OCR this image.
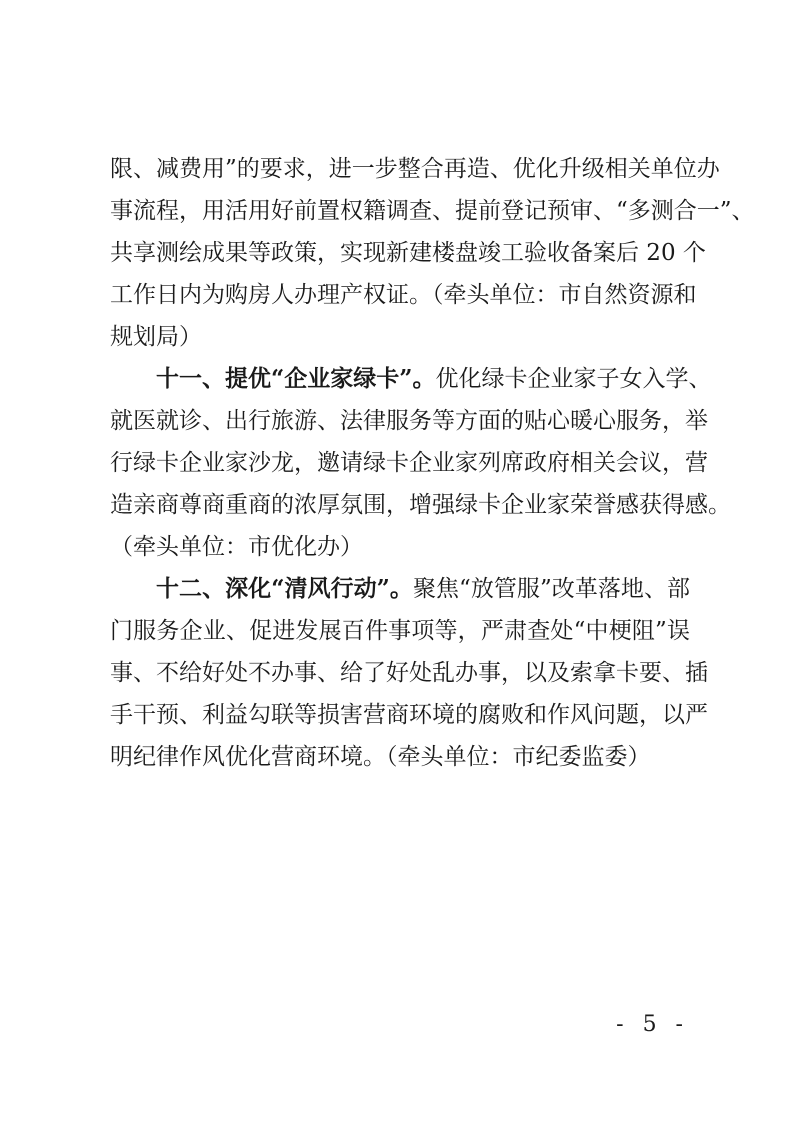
限、减费用”的要求，进一步整合再造、优化升级相关单位办
事流程，用活用好前置权籍调查、提前登记预审、“多测合一”、
共享测绘成果等政策，实现新建楼盘竣工验收备案后 20 个
工作日内为购房人办理产权证。（牵头单位：市自然资源和
规划局）
十一、提优“企业家绿卡”。优化绿卡企业家子女入学、
就医就诊、出行旅游、法律服务等方面的贴心暖心服务，举
行绿卡企业家沙龙，邀请绿卡企业家列席政府相关会议，营
造亲商尊商重商的浓厚氛围，增强绿卡企业家荣誉感获得感。
（牵头单位：市优化办）
十二、深化“清风行动”。聚焦“放管服”改革落地、部
门服务企业、促进发展百件事项等，严肃查处“中梗阻”误
事、不给好处不办事、给了好处乱办事，以及索拿卡要、插
手干预、利益勾联等损害营商环境的腐败和作风问题，以严
明纪律作风优化营商环境。（牵头单位：市纪委监委）
- 5 -
